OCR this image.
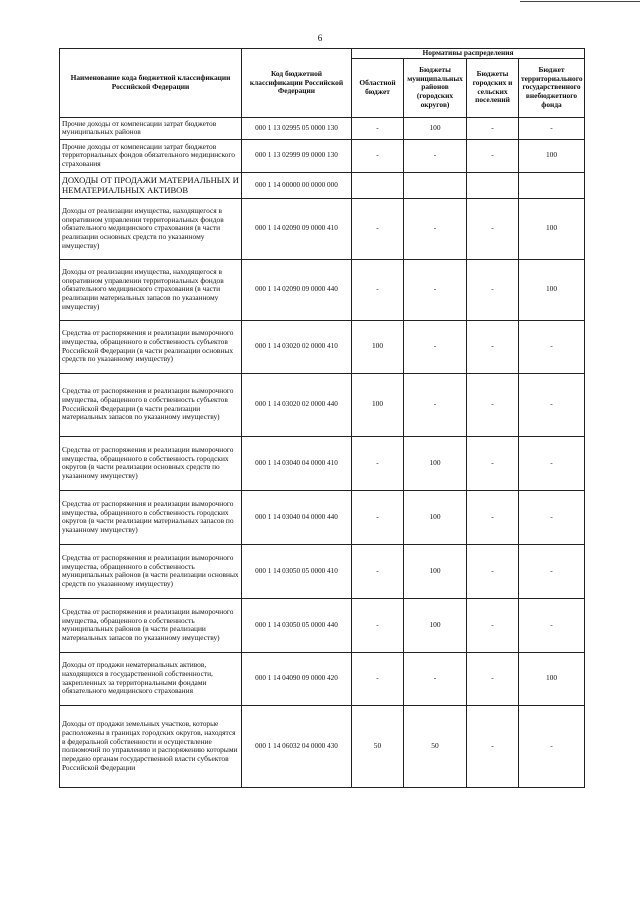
6
Наименование кода бюджетной классификации Российской Федерации	Код бюджетной классификации Российской Федерации	Нормативы распределения			
		Областной бюджет	Бюджеты муниципальных районов (городских округов)	Бюджеты городских и сельских поселений	Бюджет территориального государственного внебюджетного фонда
Прочие доходы от компенсации затрат бюджетов муниципальных районов	000 1 13 02995 05 0000 130	-	100	-	-
Прочие доходы от компенсации затрат бюджетов территориальных фондов обязательного медицинского страхования	000 1 13 02999 09 0000 130	-	-	-	100
ДОХОДЫ ОТ ПРОДАЖИ МАТЕРИАЛЬНЫХ И НЕМАТЕРИАЛЬНЫХ АКТИВОВ	000 1 14 00000 00 0000 000				
Доходы от реализации имущества, находящегося в оперативном управлении территориальных фондов обязательного медицинского страхования (в части реализации основных средств по указанному имуществу)	000 1 14 02090 09 0000 410	-	-	-	100
Доходы от реализации имущества, находящегося в оперативном управлении территориальных фондов обязательного медицинского страхования (в части реализации материальных запасов по указанному имуществу)	000 1 14 02090 09 0000 440	-	-	-	100
Средства от распоряжения и реализации выморочного имущества, обращенного в собственность субъектов Российской Федерации (в части реализации основных средств по указанному имуществу)	000 1 14 03020 02 0000 410	100	-	-	-
Средства от распоряжения и реализации выморочного имущества, обращенного в собственность субъектов Российской Федерации (в части реализации материальных запасов по указанному имуществу)	000 1 14 03020 02 0000 440	100	-	-	-
Средства от распоряжения и реализации выморочного имущества, обращенного в собственность городских округов (в части реализации основных средств по указанному имуществу)	000 1 14 03040 04 0000 410	-	100	-	-
Средства от распоряжения и реализации выморочного имущества, обращенного в собственность городских округов (в части реализации материальных запасов по указанному имуществу)	000 1 14 03040 04 0000 440	-	100	-	-
Средства от распоряжения и реализации выморочного имущества, обращенного в собственность муниципальных районов (в части реализации основных средств по указанному имуществу)	000 1 14 03050 05 0000 410	-	100	-	-
Средства от распоряжения и реализации выморочного имущества, обращенного в собственность муниципальных районов (в части реализации материальных запасов по указанному имуществу)	000 1 14 03050 05 0000 440	-	100	-	-
Доходы от продажи нематериальных активов, находящихся в государственной собственности, закрепленных за территориальными фондами обязательного медицинского страхования	000 1 14 04090 09 0000 420	-	-	-	100
Доходы от продажи земельных участков, которые расположены в границах городских округов, находятся в федеральной собственности и осуществление полномочий по управлению и распоряжению которыми передано органам государственной власти субъектов Российской Федерации	000 1 14 06032 04 0000 430	50	50	-	-
